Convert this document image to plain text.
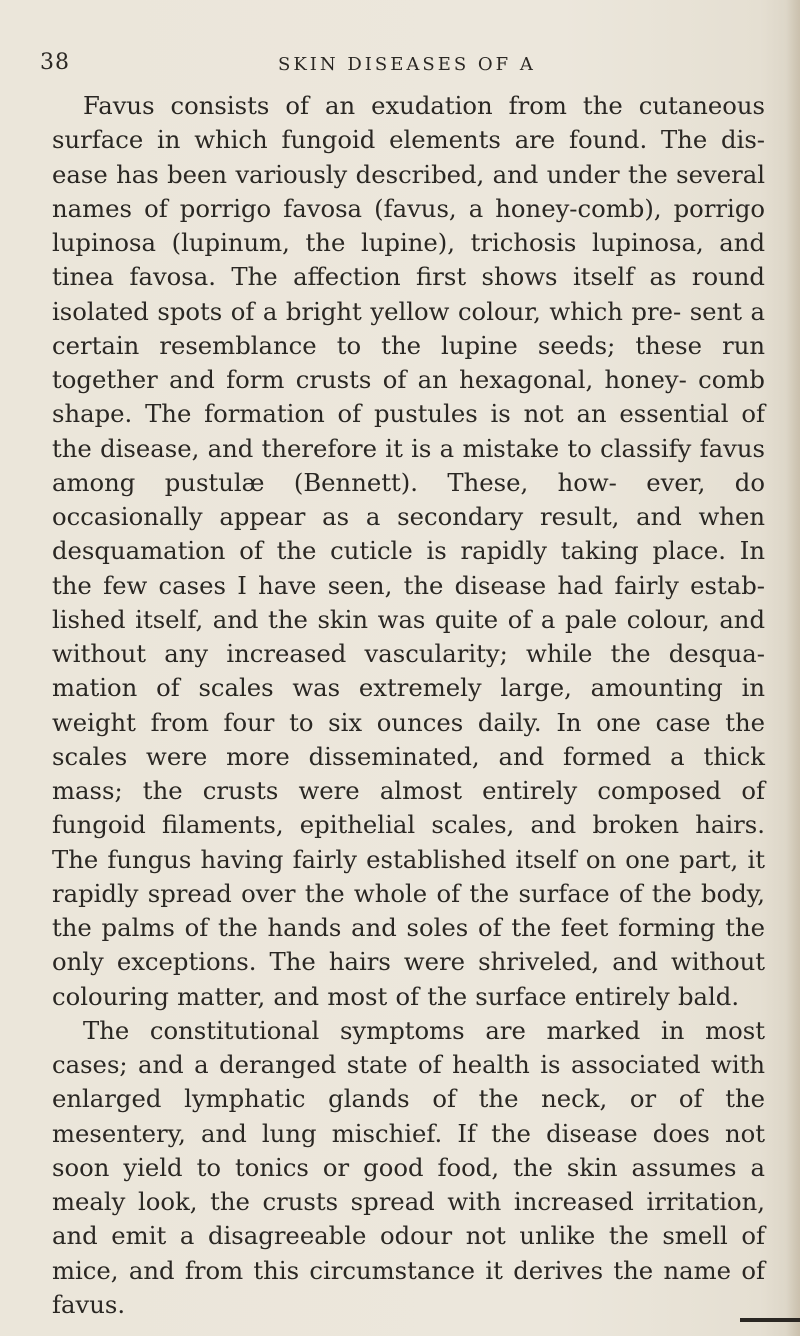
38	SKIN DISEASES OF A

Favus consists of an exudation from the cutaneous surface in which fungoid elements are found. The dis- ease has been variously described, and under the several names of porrigo favosa (favus, a honey-comb), porrigo lupinosa (lupinum, the lupine), trichosis lupinosa, and tinea favosa. The affection first shows itself as round isolated spots of a bright yellow colour, which pre- sent a certain resemblance to the lupine seeds; these run together and form crusts of an hexagonal, honey- comb shape. The formation of pustules is not an essential of the disease, and therefore it is a mistake to classify favus among pustulæ (Bennett). These, how- ever, do occasionally appear as a secondary result, and when desquamation of the cuticle is rapidly taking place. In the few cases I have seen, the disease had fairly estab- lished itself, and the skin was quite of a pale colour, and without any increased vascularity; while the desqua- mation of scales was extremely large, amounting in weight from four to six ounces daily. In one case the scales were more disseminated, and formed a thick mass; the crusts were almost entirely composed of fungoid filaments, epithelial scales, and broken hairs. The fungus having fairly established itself on one part, it rapidly spread over the whole of the surface of the body, the palms of the hands and soles of the feet forming the only exceptions. The hairs were shriveled, and without colouring matter, and most of the surface entirely bald.

The constitutional symptoms are marked in most cases; and a deranged state of health is associated with enlarged lymphatic glands of the neck, or of the mesentery, and lung mischief. If the disease does not soon yield to tonics or good food, the skin assumes a mealy look, the crusts spread with increased irritation, and emit a disagreeable odour not unlike the smell of mice, and from this circumstance it derives the name of favus.
